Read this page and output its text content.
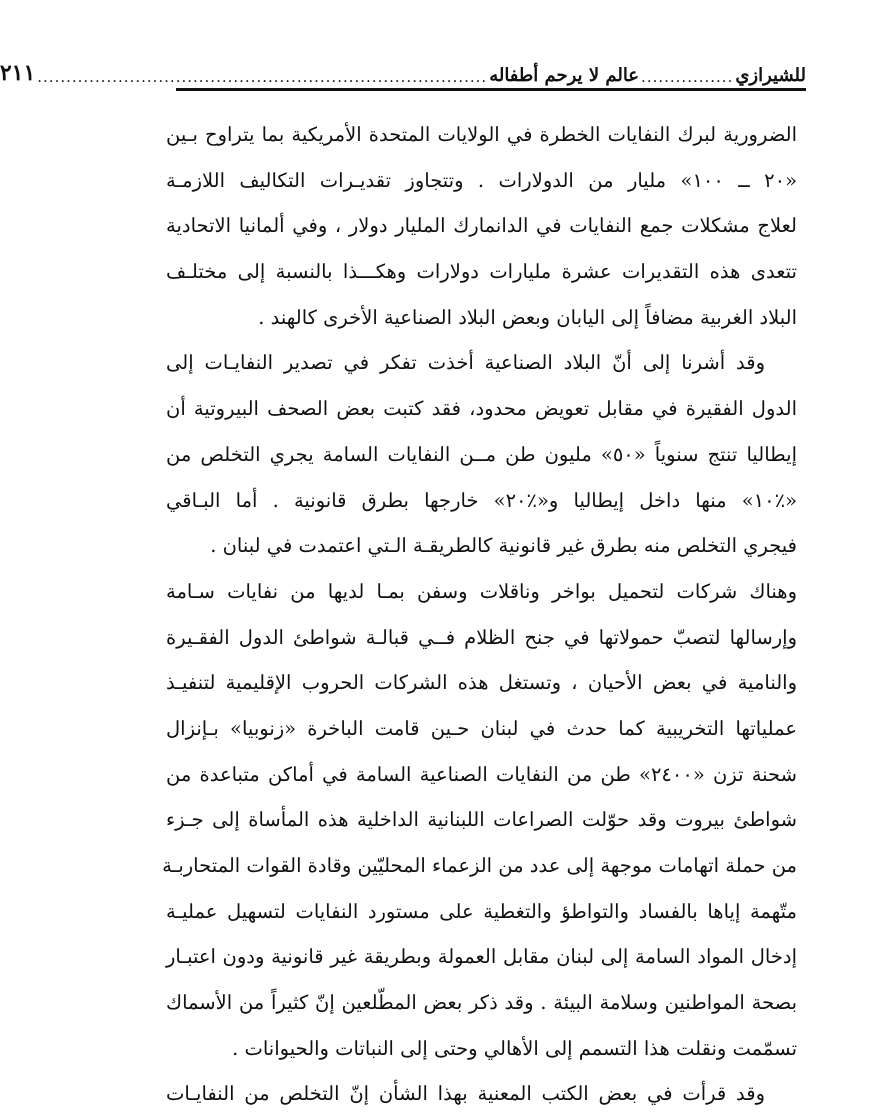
للشيرازي
................
عالم لا يرحم أطفاله
..............................................................................
٢١١
الضرورية لبرك النفايات الخطرة في الولايات المتحدة الأمريكية بما يتراوح بـين
«٢٠ ــ ١٠٠» مليار من الدولارات . وتتجاوز تقديـرات التكاليف اللازمـة
لعلاج مشكلات جمع النفايات في الدانمارك المليار دولار ، وفي ألمانيا الاتحادية
تتعدى هذه التقديرات عشرة مليارات دولارات وهكـــذا بالنسبة إلى مختلـف
البلاد الغربية مضافاً إلى اليابان وبعض البلاد الصناعية الأخرى كالهند .
وقد أشرنا إلى أنّ البلاد الصناعية أخذت تفكر في تصدير النفايـات إلى
الدول الفقيرة في مقابل تعويض محدود، فقد كتبت بعض الصحف البيروتية أن
إيطاليا تنتج سنوياً «٥٠» مليون طن مــن النفايات السامة يجري التخلص من
«٪١٠» منها داخل إيطاليا و«٪٢٠» خارجها بطرق قانونية . أما البـاقي
فيجري التخلص منه بطرق غير قانونية كالطريقـة الـتي اعتمدت في لبنان .
وهناك شركات لتحميل بواخر وناقلات وسفن بمـا لديها من نفايات سـامة
وإرسالها لتصبّ حمولاتها في جنح الظلام فــي قبالـة شواطئ الدول الفقـيرة
والنامية في بعض الأحيان ، وتستغل هذه الشركات الحروب الإقليمية لتنفيـذ
عملياتها التخريبية كما حدث في لبنان حـين قامت الباخرة «زنوبيا» بـإنزال
شحنة تزن «٢٤٠٠» طن من النفايات الصناعية السامة في أماكن متباعدة من
شواطئ بيروت وقد حوّلت الصراعات اللبنانية الداخلية هذه المأساة إلى جـزء
من حملة اتهامات موجهة إلى عدد من الزعماء المحليّين وقادة القوات المتحاربـة
متّهمة إياها بالفساد والتواطؤ والتغطية على مستورد النفايات لتسهيل عمليـة
إدخال المواد السامة إلى لبنان مقابل العمولة وبطريقة غير قانونية ودون اعتبـار
بصحة المواطنين وسلامة البيئة . وقد ذكر بعض المطّلعين إنّ كثيراً من الأسماك
تسمّمت ونقلت هذا التسمم إلى الأهالي وحتى إلى النباتات والحيوانات .
وقد قرأت في بعض الكتب المعنية بهذا الشأن إنّ التخلص من النفايـات
